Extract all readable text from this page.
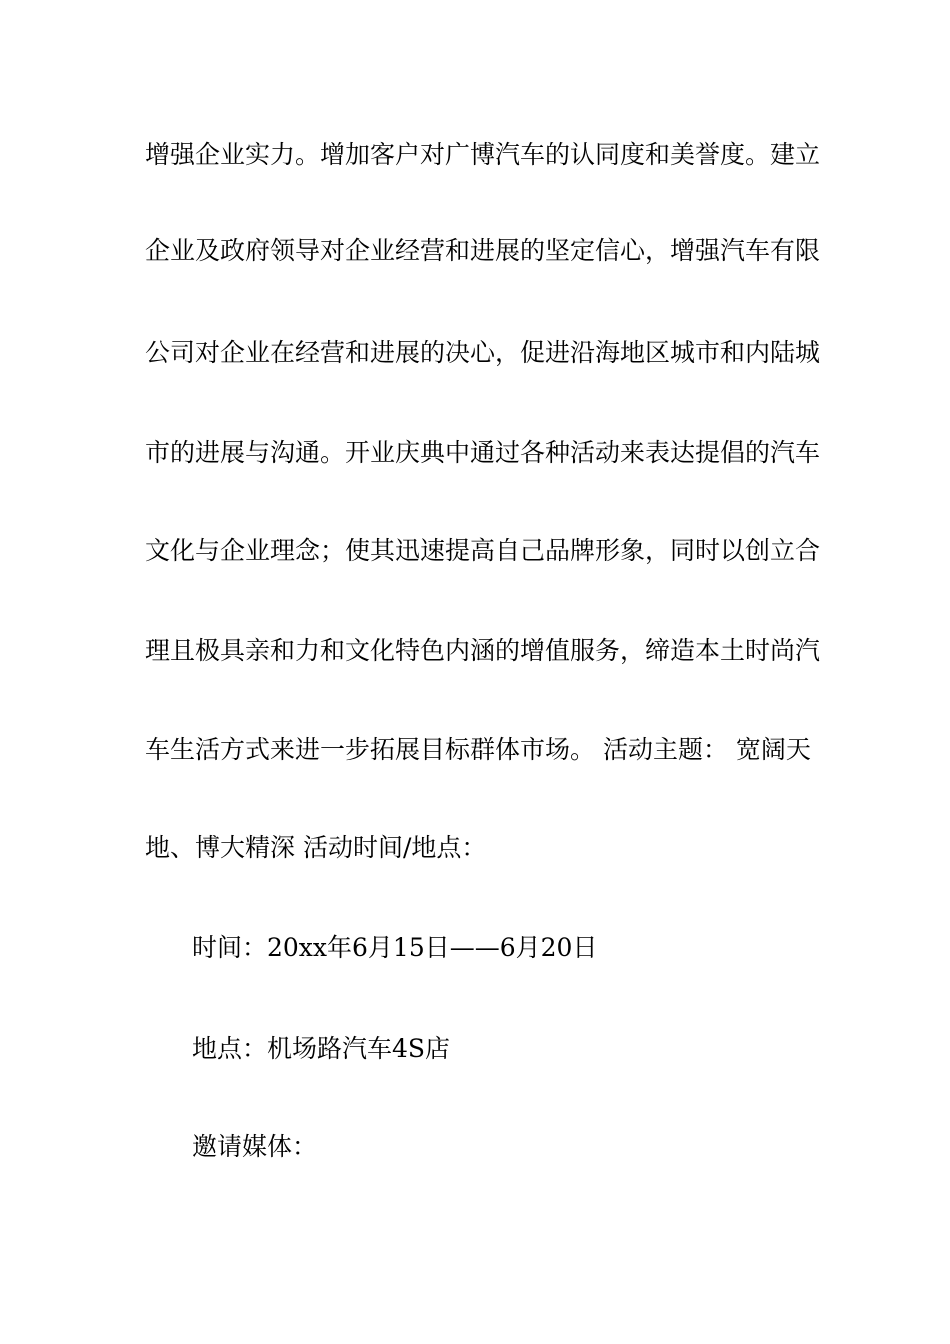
增强企业实力。增加客户对广博汽车的认同度和美誉度。建立
企业及政府领导对企业经营和进展的坚定信心，增强汽车有限
公司对企业在经营和进展的决心，促进沿海地区城市和内陆城
市的进展与沟通。开业庆典中通过各种活动来表达提倡的汽车
文化与企业理念；使其迅速提高自己品牌形象，同时以创立合
理且极具亲和力和文化特色内涵的增值服务，缔造本土时尚汽
车生活方式来进一步拓展目标群体市场。 活动主题： 宽阔天
地、博大精深 活动时间/地点：
时间：20xx年6月15日——6月20日
地点：机场路汽车4S店
邀请媒体：
